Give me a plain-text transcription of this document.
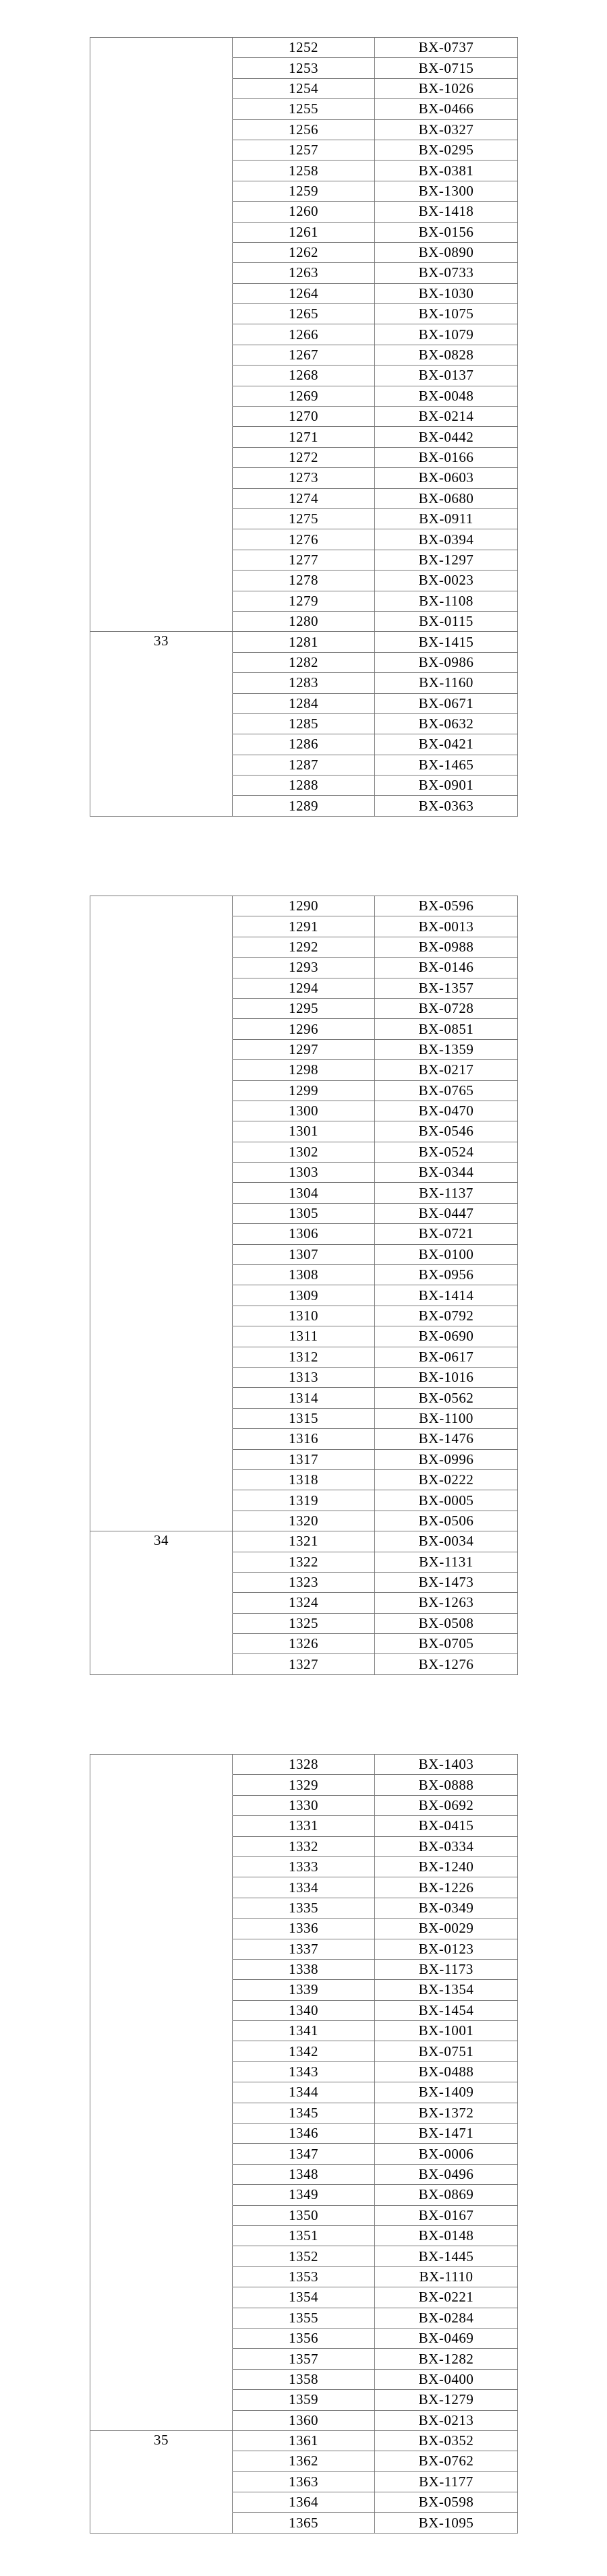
1252	BX-0737
1253	BX-0715
1254	BX-1026
1255	BX-0466
1256	BX-0327
1257	BX-0295
1258	BX-0381
1259	BX-1300
1260	BX-1418
1261	BX-0156
1262	BX-0890
1263	BX-0733
1264	BX-1030
1265	BX-1075
1266	BX-1079
1267	BX-0828
1268	BX-0137
1269	BX-0048
1270	BX-0214
1271	BX-0442
1272	BX-0166
1273	BX-0603
1274	BX-0680
1275	BX-0911
1276	BX-0394
1277	BX-1297
1278	BX-0023
1279	BX-1108
1280	BX-0115
33	1281	BX-1415
1282	BX-0986
1283	BX-1160
1284	BX-0671
1285	BX-0632
1286	BX-0421
1287	BX-1465
1288	BX-0901
1289	BX-0363
1290	BX-0596
1291	BX-0013
1292	BX-0988
1293	BX-0146
1294	BX-1357
1295	BX-0728
1296	BX-0851
1297	BX-1359
1298	BX-0217
1299	BX-0765
1300	BX-0470
1301	BX-0546
1302	BX-0524
1303	BX-0344
1304	BX-1137
1305	BX-0447
1306	BX-0721
1307	BX-0100
1308	BX-0956
1309	BX-1414
1310	BX-0792
1311	BX-0690
1312	BX-0617
1313	BX-1016
1314	BX-0562
1315	BX-1100
1316	BX-1476
1317	BX-0996
1318	BX-0222
1319	BX-0005
1320	BX-0506
34	1321	BX-0034
1322	BX-1131
1323	BX-1473
1324	BX-1263
1325	BX-0508
1326	BX-0705
1327	BX-1276
1328	BX-1403
1329	BX-0888
1330	BX-0692
1331	BX-0415
1332	BX-0334
1333	BX-1240
1334	BX-1226
1335	BX-0349
1336	BX-0029
1337	BX-0123
1338	BX-1173
1339	BX-1354
1340	BX-1454
1341	BX-1001
1342	BX-0751
1343	BX-0488
1344	BX-1409
1345	BX-1372
1346	BX-1471
1347	BX-0006
1348	BX-0496
1349	BX-0869
1350	BX-0167
1351	BX-0148
1352	BX-1445
1353	BX-1110
1354	BX-0221
1355	BX-0284
1356	BX-0469
1357	BX-1282
1358	BX-0400
1359	BX-1279
1360	BX-0213
35	1361	BX-0352
1362	BX-0762
1363	BX-1177
1364	BX-0598
1365	BX-1095
